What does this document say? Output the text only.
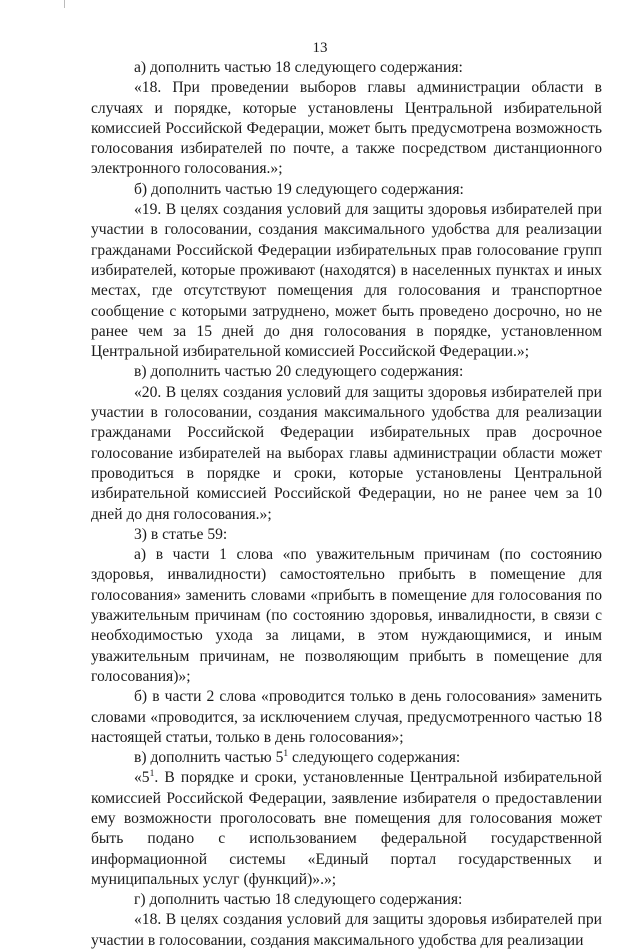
13

а) дополнить частью 18 следующего содержания:

«18. При проведении выборов главы администрации области в случаях и порядке, которые установлены Центральной избирательной комиссией Российской Федерации, может быть предусмотрена возможность голосования избирателей по почте, а также посредством дистанционного электронного голосования.»;

б) дополнить частью 19 следующего содержания:

«19. В целях создания условий для защиты здоровья избирателей при участии в голосовании, создания максимального удобства для реализации гражданами Российской Федерации избирательных прав голосование групп избирателей, которые проживают (находятся) в населенных пунктах и иных местах, где отсутствуют помещения для голосования и транспортное сообщение с которыми затруднено, может быть проведено досрочно, но не ранее чем за 15 дней до дня голосования в порядке, установленном Центральной избирательной комиссией Российской Федерации.»;

в) дополнить частью 20 следующего содержания:

«20. В целях создания условий для защиты здоровья избирателей при участии в голосовании, создания максимального удобства для реализации гражданами Российской Федерации избирательных прав досрочное голосование избирателей на выборах главы администрации области может проводиться в порядке и сроки, которые установлены Центральной избирательной комиссией Российской Федерации, но не ранее чем за 10 дней до дня голосования.»;

3) в статье 59:

а) в части 1 слова «по уважительным причинам (по состоянию здоровья, инвалидности) самостоятельно прибыть в помещение для голосования» заменить словами «прибыть в помещение для голосования по уважительным причинам (по состоянию здоровья, инвалидности, в связи с необходимостью ухода за лицами, в этом нуждающимися, и иным уважительным причинам, не позволяющим прибыть в помещение для голосования)»;

б) в части 2 слова «проводится только в день голосования» заменить словами «проводится, за исключением случая, предусмотренного частью 18 настоящей статьи, только в день голосования»;

в) дополнить частью $5^1$ следующего содержания:

«$5^1$. В порядке и сроки, установленные Центральной избирательной комиссией Российской Федерации, заявление избирателя о предоставлении ему возможности проголосовать вне помещения для голосования может быть подано с использованием федеральной государственной информационной системы «Единый портал государственных и муниципальных услуг (функций)».»;

г) дополнить частью 18 следующего содержания:

«18. В целях создания условий для защиты здоровья избирателей при участии в голосовании, создания максимального удобства для реализации
